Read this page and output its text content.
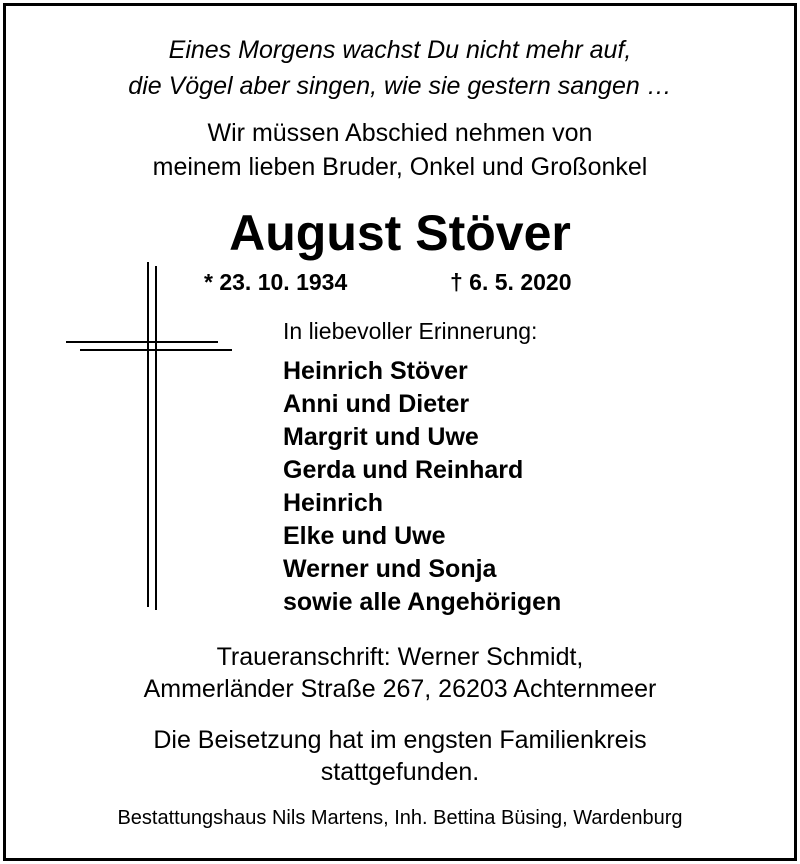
Eines Morgens wachst Du nicht mehr auf,
die Vögel aber singen, wie sie gestern sangen …
Wir müssen Abschied nehmen von
meinem lieben Bruder, Onkel und Großonkel
August Stöver
* 23. 10. 1934	† 6. 5. 2020
In liebevoller Erinnerung:
Heinrich Stöver
Anni und Dieter
Margrit und Uwe
Gerda und Reinhard
Heinrich
Elke und Uwe
Werner und Sonja
sowie alle Angehörigen
Traueranschrift: Werner Schmidt,
Ammerländer Straße 267, 26203 Achternmeer
Die Beisetzung hat im engsten Familienkreis
stattgefunden.
Bestattungshaus Nils Martens, Inh. Bettina Büsing, Wardenburg
